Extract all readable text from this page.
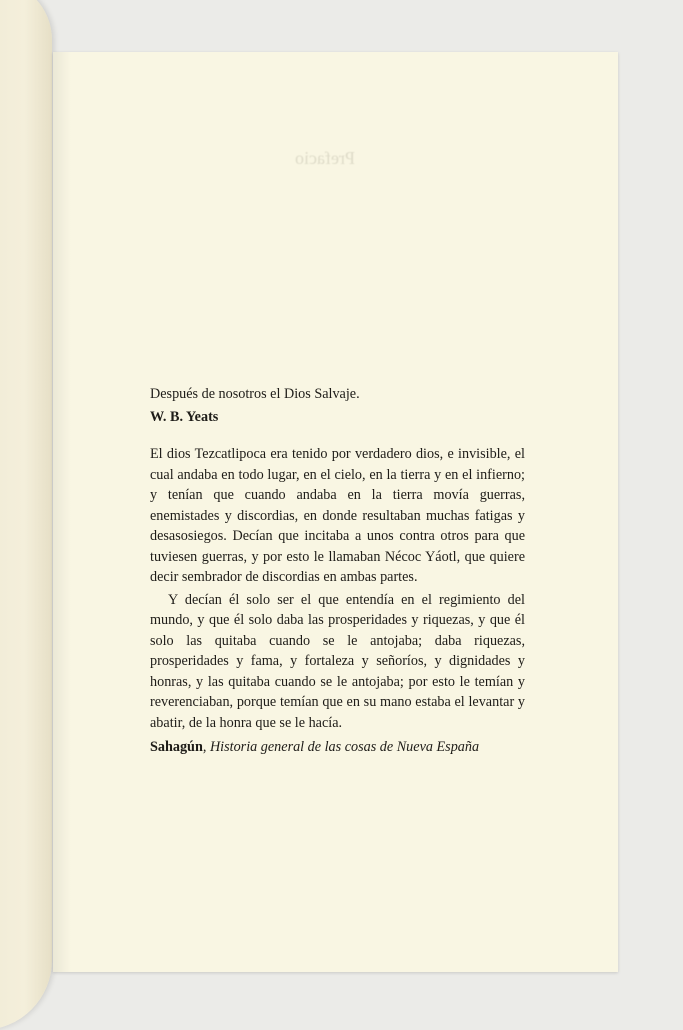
Prefacio

Después de nosotros el Dios Salvaje.

W. B. Yeats

El dios Tezcatlipoca era tenido por verdadero dios, e invisible, el cual andaba en todo lugar, en el cielo, en la tierra y en el infierno; y tenían que cuando andaba en la tierra movía guerras, enemistades y discordias, en donde resultaban muchas fatigas y desasosiegos. Decían que incitaba a unos contra otros para que tuviesen guerras, y por esto le llamaban Nécoc Yáotl, que quiere decir sembrador de discordias en ambas partes.

Y decían él solo ser el que entendía en el regimiento del mundo, y que él solo daba las prosperidades y riquezas, y que él solo las quitaba cuando se le antojaba; daba riquezas, prosperidades y fama, y fortaleza y señoríos, y dignidades y honras, y las quitaba cuando se le antojaba; por esto le temían y reverenciaban, porque temían que en su mano estaba el levantar y abatir, de la honra que se le hacía.

Sahagún, Historia general de las cosas de Nueva España
